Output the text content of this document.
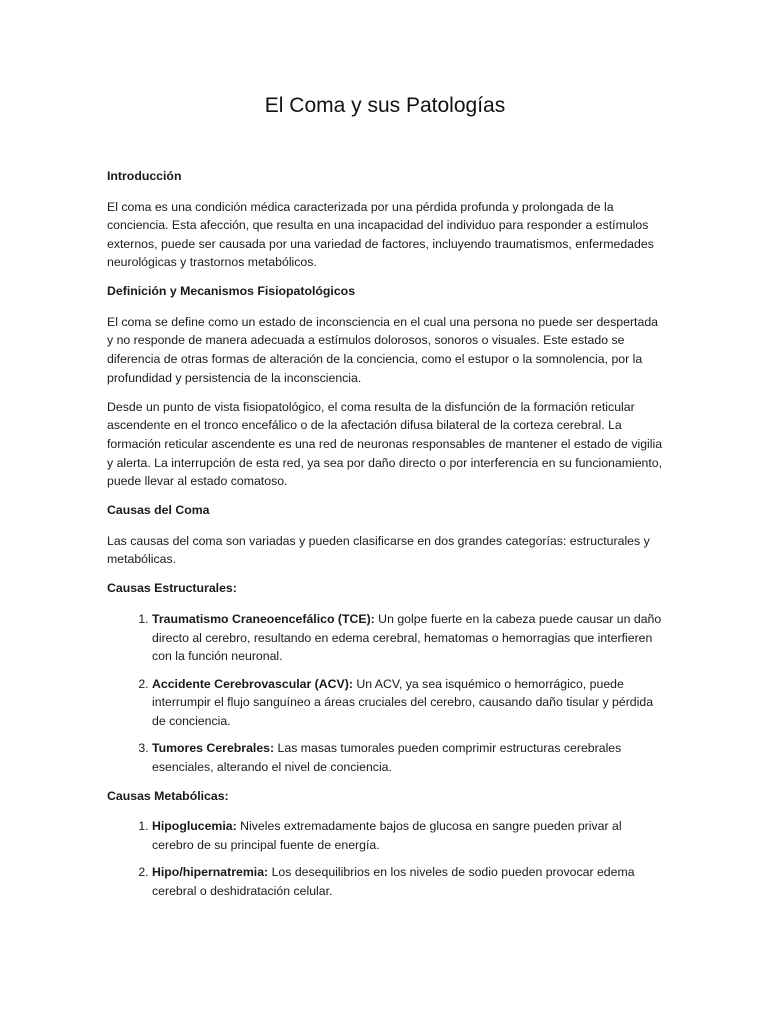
El Coma y sus Patologías
Introducción

El coma es una condición médica caracterizada por una pérdida profunda y prolongada de la conciencia. Esta afección, que resulta en una incapacidad del individuo para responder a estímulos externos, puede ser causada por una variedad de factores, incluyendo traumatismos, enfermedades neurológicas y trastornos metabólicos.

Definición y Mecanismos Fisiopatológicos

El coma se define como un estado de inconsciencia en el cual una persona no puede ser despertada y no responde de manera adecuada a estímulos dolorosos, sonoros o visuales. Este estado se diferencia de otras formas de alteración de la conciencia, como el estupor o la somnolencia, por la profundidad y persistencia de la inconsciencia.

Desde un punto de vista fisiopatológico, el coma resulta de la disfunción de la formación reticular ascendente en el tronco encefálico o de la afectación difusa bilateral de la corteza cerebral. La formación reticular ascendente es una red de neuronas responsables de mantener el estado de vigilia y alerta. La interrupción de esta red, ya sea por daño directo o por interferencia en su funcionamiento, puede llevar al estado comatoso.

Causas del Coma

Las causas del coma son variadas y pueden clasificarse en dos grandes categorías: estructurales y metabólicas.

Causas Estructurales:
1. Traumatismo Craneoencefálico (TCE): Un golpe fuerte en la cabeza puede causar un daño directo al cerebro, resultando en edema cerebral, hematomas o hemorragias que interfieren con la función neuronal.
2. Accidente Cerebrovascular (ACV): Un ACV, ya sea isquémico o hemorrágico, puede interrumpir el flujo sanguíneo a áreas cruciales del cerebro, causando daño tisular y pérdida de conciencia.
3. Tumores Cerebrales: Las masas tumorales pueden comprimir estructuras cerebrales esenciales, alterando el nivel de conciencia.
Causas Metabólicas:
1. Hipoglucemia: Niveles extremadamente bajos de glucosa en sangre pueden privar al cerebro de su principal fuente de energía.
2. Hipo/hipernatremia: Los desequilibrios en los niveles de sodio pueden provocar edema cerebral o deshidratación celular.
